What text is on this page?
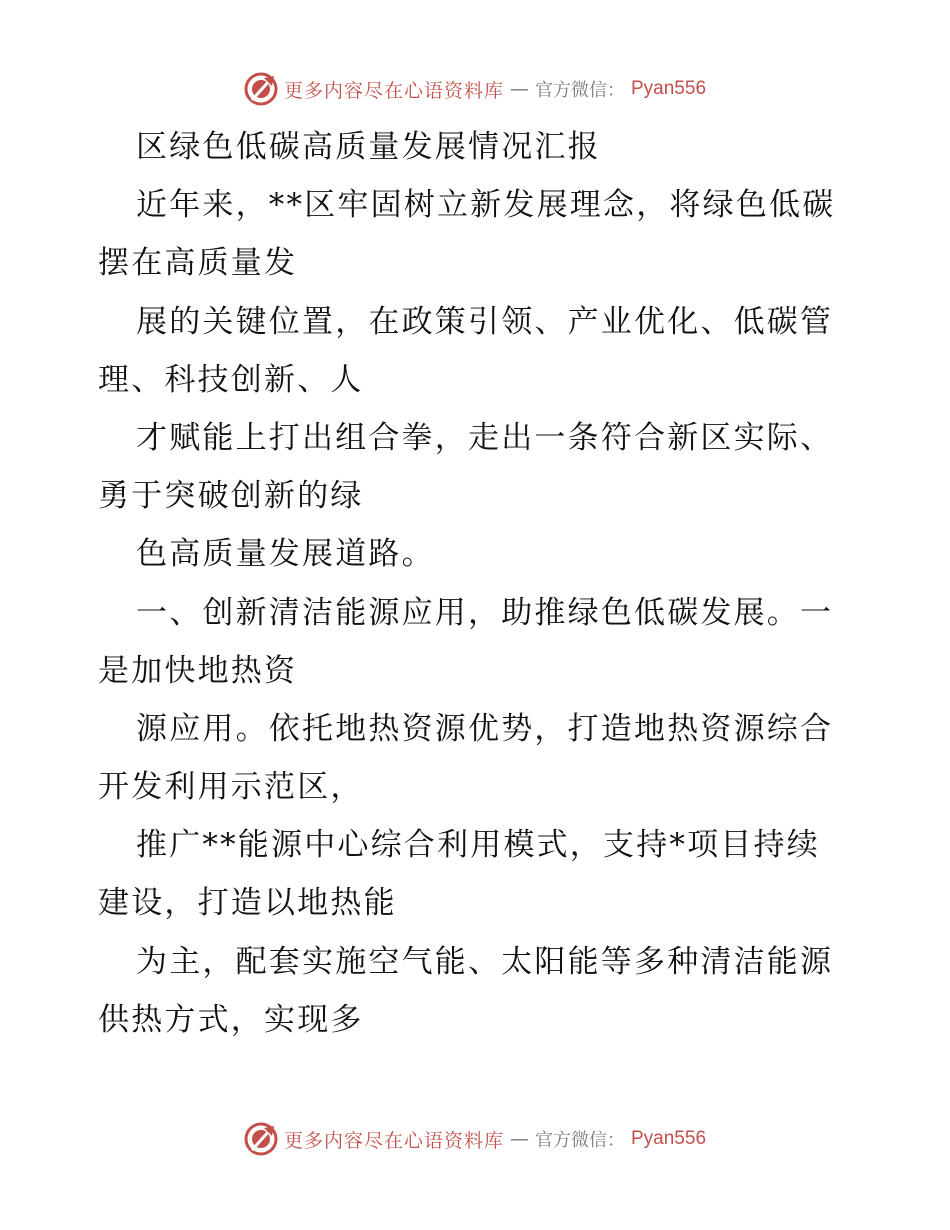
更多内容尽在心语资料库 — 官方微信： Pyan556
区绿色低碳高质量发展情况汇报
近年来，**区牢固树立新发展理念，将绿色低碳
摆在高质量发
展的关键位置，在政策引领、产业优化、低碳管
理、科技创新、人
才赋能上打出组合拳，走出一条符合新区实际、
勇于突破创新的绿
色高质量发展道路。
一、创新清洁能源应用，助推绿色低碳发展。一
是加快地热资
源应用。依托地热资源优势，打造地热资源综合
开发利用示范区，
推广**能源中心综合利用模式，支持*项目持续
建设，打造以地热能
为主，配套实施空气能、太阳能等多种清洁能源
供热方式，实现多
更多内容尽在心语资料库 — 官方微信： Pyan556
